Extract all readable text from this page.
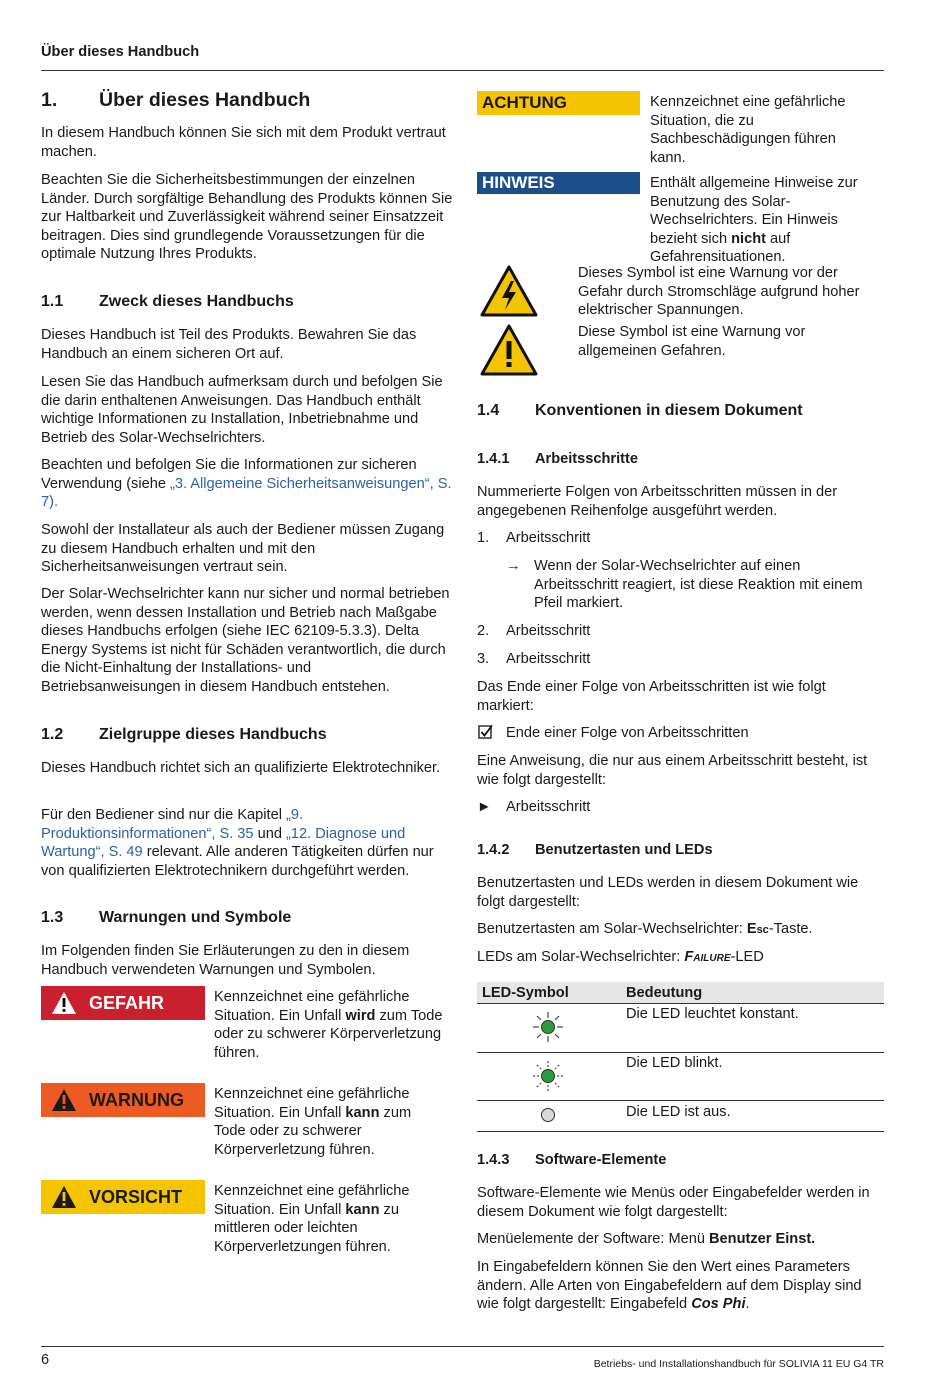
Über dieses Handbuch
1. Über dieses Handbuch

In diesem Handbuch können Sie sich mit dem Produkt vertraut machen.

Beachten Sie die Sicherheitsbestimmungen der einzelnen Länder. Durch sorgfältige Behandlung des Produkts können Sie zur Haltbarkeit und Zuverlässigkeit während seiner Einsatzzeit beitragen. Dies sind grundlegende Voraussetzungen für die optimale Nutzung Ihres Produkts.

1.1 Zweck dieses Handbuchs

Dieses Handbuch ist Teil des Produkts. Bewahren Sie das Handbuch an einem sicheren Ort auf.

Lesen Sie das Handbuch aufmerksam durch und befolgen Sie die darin enthaltenen Anweisungen. Das Handbuch enthält wichtige Informationen zu Installation, Inbetriebnahme und Betrieb des Solar-Wechselrichters.

Beachten und befolgen Sie die Informationen zur sicheren Verwendung (siehe „3. Allgemeine Sicherheitsanweisungen“, S. 7).

Sowohl der Installateur als auch der Bediener müssen Zugang zu diesem Handbuch erhalten und mit den Sicherheitsanweisungen vertraut sein.

Der Solar-Wechselrichter kann nur sicher und normal betrieben werden, wenn dessen Installation und Betrieb nach Maßgabe dieses Handbuchs erfolgen (siehe IEC 62109-5.3.3). Delta Energy Systems ist nicht für Schäden verantwortlich, die durch die Nicht-Einhaltung der Installations- und Betriebsanweisungen in diesem Handbuch entstehen.

1.2 Zielgruppe dieses Handbuchs

Dieses Handbuch richtet sich an qualifizierte Elektrotechniker.

Für den Bediener sind nur die Kapitel „9. Produktionsinformationen“, S. 35 und „12. Diagnose und Wartung“, S. 49 relevant. Alle anderen Tätigkeiten dürfen nur von qualifizierten Elektrotechnikern durchgeführt werden.

1.3 Warnungen und Symbole

Im Folgenden finden Sie Erläuterungen zu den in diesem Handbuch verwendeten Warnungen und Symbolen.

GEFAHR	Kennzeichnet eine gefährliche Situation. Ein Unfall wird zum Tode oder zu schwerer Körperverletzung führen.

WARNUNG Kennzeichnet eine gefährliche Situation. Ein Unfall kann zum Tode oder zu schwerer Körperverletzung führen.

VORSICHT Kennzeichnet eine gefährliche Situation. Ein Unfall kann zu mittleren oder leichten Körperverletzungen führen.

ACHTUNG	Kennzeichnet eine gefährliche Situation, die zu Sachbeschädigungen führen kann.

HINWEIS	Enthält allgemeine Hinweise zur Benutzung des Solar-Wechselrichters. Ein Hinweis bezieht sich nicht auf Gefahrensituationen.

Dieses Symbol ist eine Warnung vor der Gefahr durch Stromschläge aufgrund hoher elektrischer Spannungen.

Diese Symbol ist eine Warnung vor allgemeinen Gefahren.

1.4 Konventionen in diesem Dokument
1.4.1 Arbeitsschritte

Nummerierte Folgen von Arbeitsschritten müssen in der angegebenen Reihenfolge ausgeführt werden.

1. Arbeitsschritt
→ Wenn der Solar-Wechselrichter auf einen Arbeitsschritt reagiert, ist diese Reaktion mit einem Pfeil markiert.

2. Arbeitsschritt
3. Arbeitsschritt

Das Ende einer Folge von Arbeitsschritten ist wie folgt markiert:

Ende einer Folge von Arbeitsschritten

Eine Anweisung, die nur aus einem Arbeitsschritt besteht, ist wie folgt dargestellt:

► Arbeitsschritt
1.4.2 Benutzertasten und LEDs

Benutzertasten und LEDs werden in diesem Dokument wie folgt dargestellt:

Benutzertasten am Solar-Wechselrichter: Esc-Taste.

LEDs am Solar-Wechselrichter: Failure-LED

LED-Symbol	Bedeutung
Die LED leuchtet konstant.
Die LED blinkt.
Die LED ist aus.
1.4.3 Software-Elemente

Software-Elemente wie Menüs oder Eingabefelder werden in diesem Dokument wie folgt dargestellt:

Menüelemente der Software: Menü Benutzer Einst.

In Eingabefeldern können Sie den Wert eines Parameters ändern. Alle Arten von Eingabefeldern auf dem Display sind wie folgt dargestellt: Eingabefeld Cos Phi.

6	Betriebs- und Installationshandbuch für SOLIVIA 11 EU G4 TR
